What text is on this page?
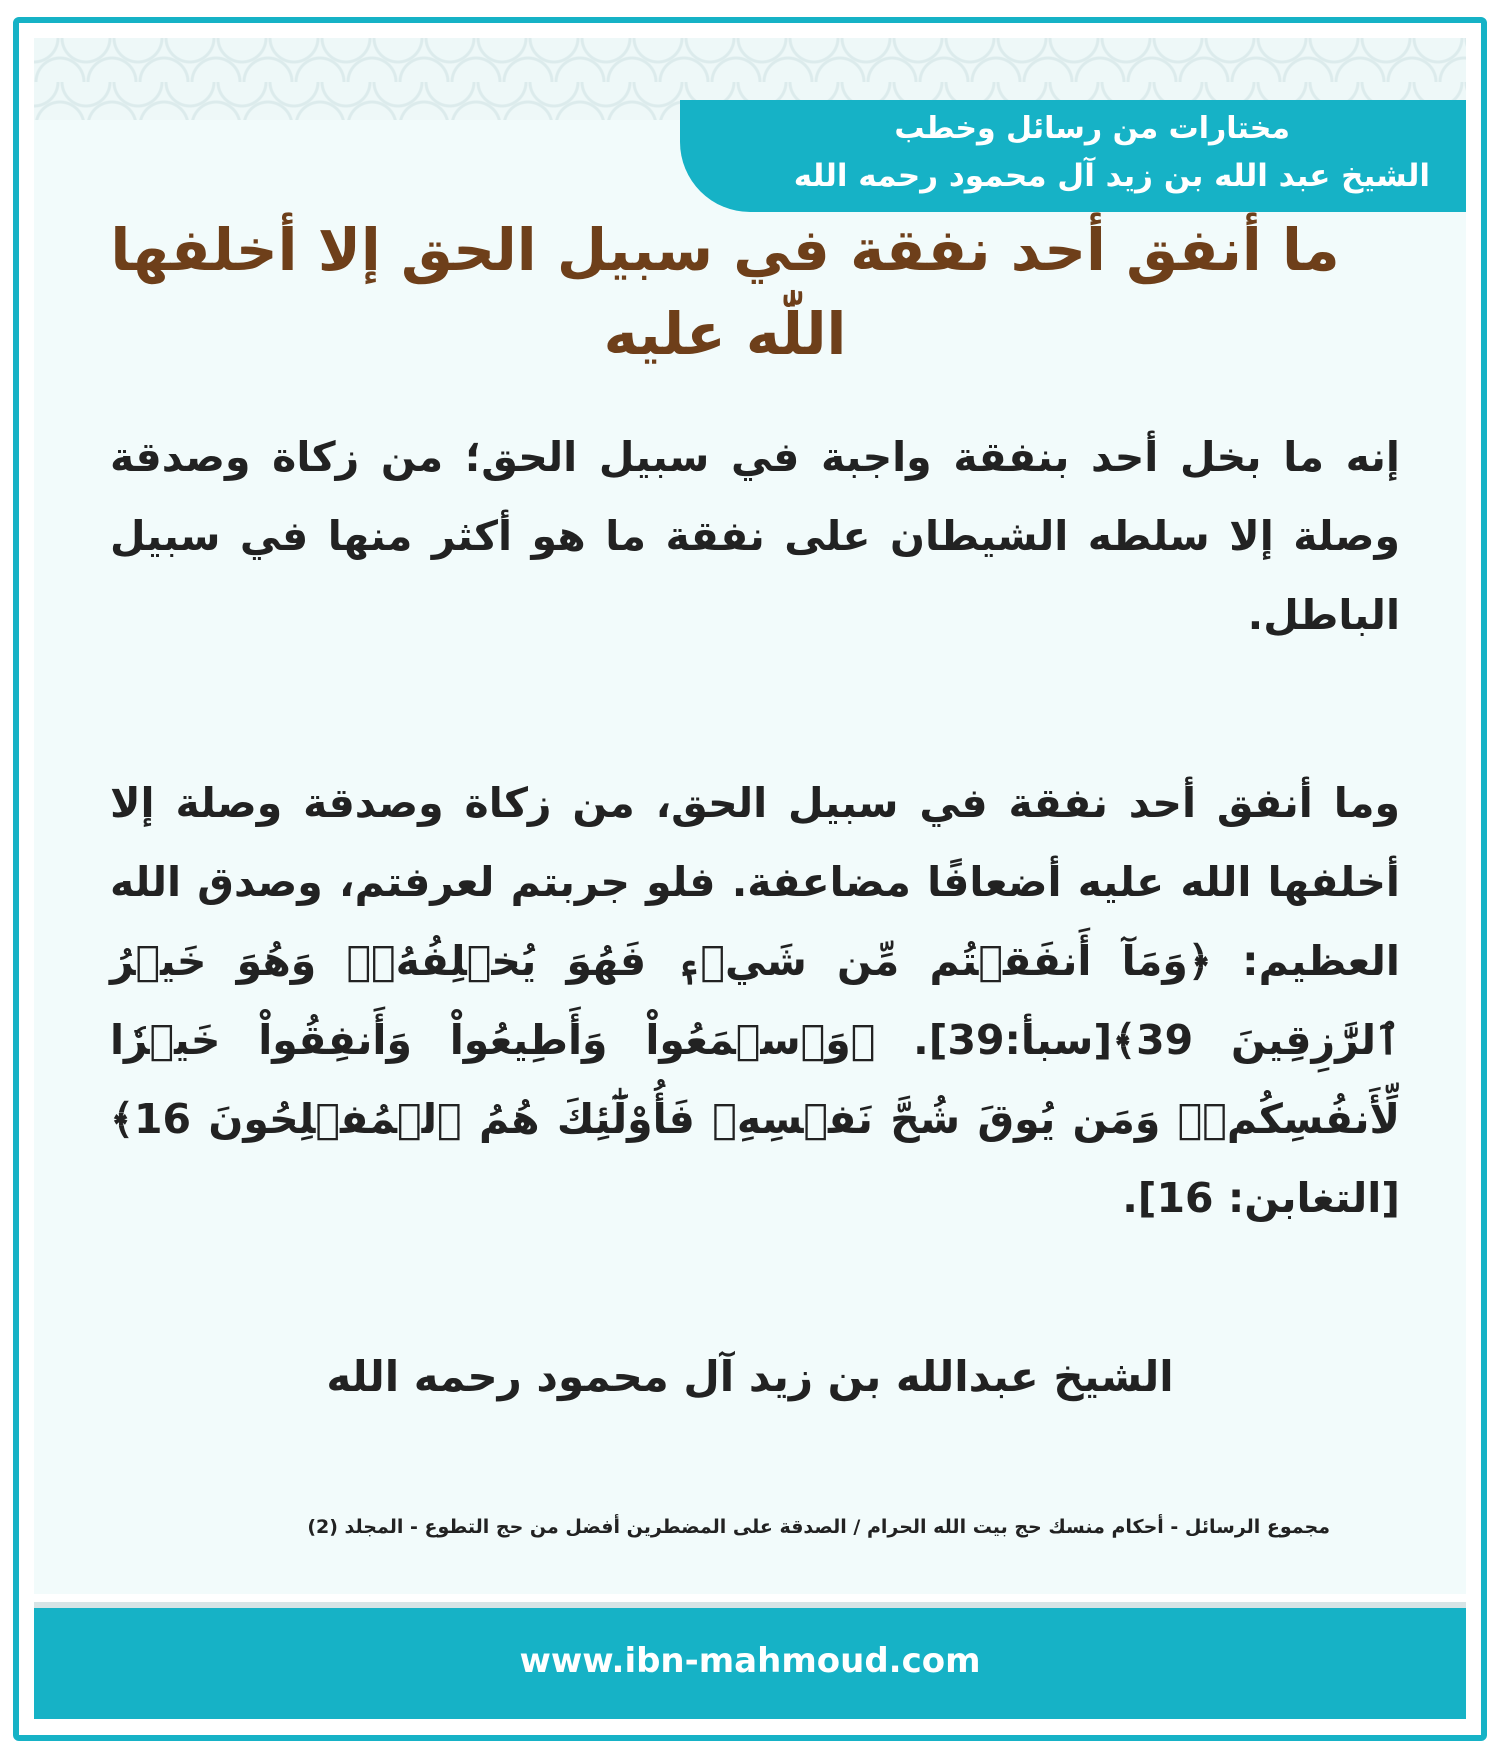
مختارات من رسائل وخطب
الشيخ عبد الله بن زيد آل محمود رحمه الله
ما أنفق أحد نفقة في سبيل الحق إلا أخلفها اللّٰه عليه
إنه ما بخل أحد بنفقة واجبة في سبيل الحق؛ من زكاة وصدقة وصلة إلا سلطه الشيطان على نفقة ما هو أكثر منها في سبيل الباطل.
وما أنفق أحد نفقة في سبيل الحق، من زكاة وصدقة وصلة إلا أخلفها الله عليه أضعافًا مضاعفة. فلو جربتم لعرفتم، وصدق الله العظيم: ﴿وَمَآ أَنفَقۡتُم مِّن شَيۡءٖ فَهُوَ يُخۡلِفُهُۥۖ وَهُوَ خَيۡرُ ٱلرَّٰزِقِينَ 39﴾[سبأ:39]. ﴿وَٱسۡمَعُواْ وَأَطِيعُواْ وَأَنفِقُواْ خَيۡرٗا لِّأَنفُسِكُمۡۗ وَمَن يُوقَ شُحَّ نَفۡسِهِۦ فَأُوْلَٰٓئِكَ هُمُ ٱلۡمُفۡلِحُونَ 16﴾ [التغابن: 16].
الشيخ عبدالله بن زيد آل محمود رحمه الله
مجموع الرسائل - أحكام منسك حج بيت الله الحرام / الصدقة على المضطرين أفضل من حج التطوع - المجلد (2)
www.ibn-mahmoud.com
